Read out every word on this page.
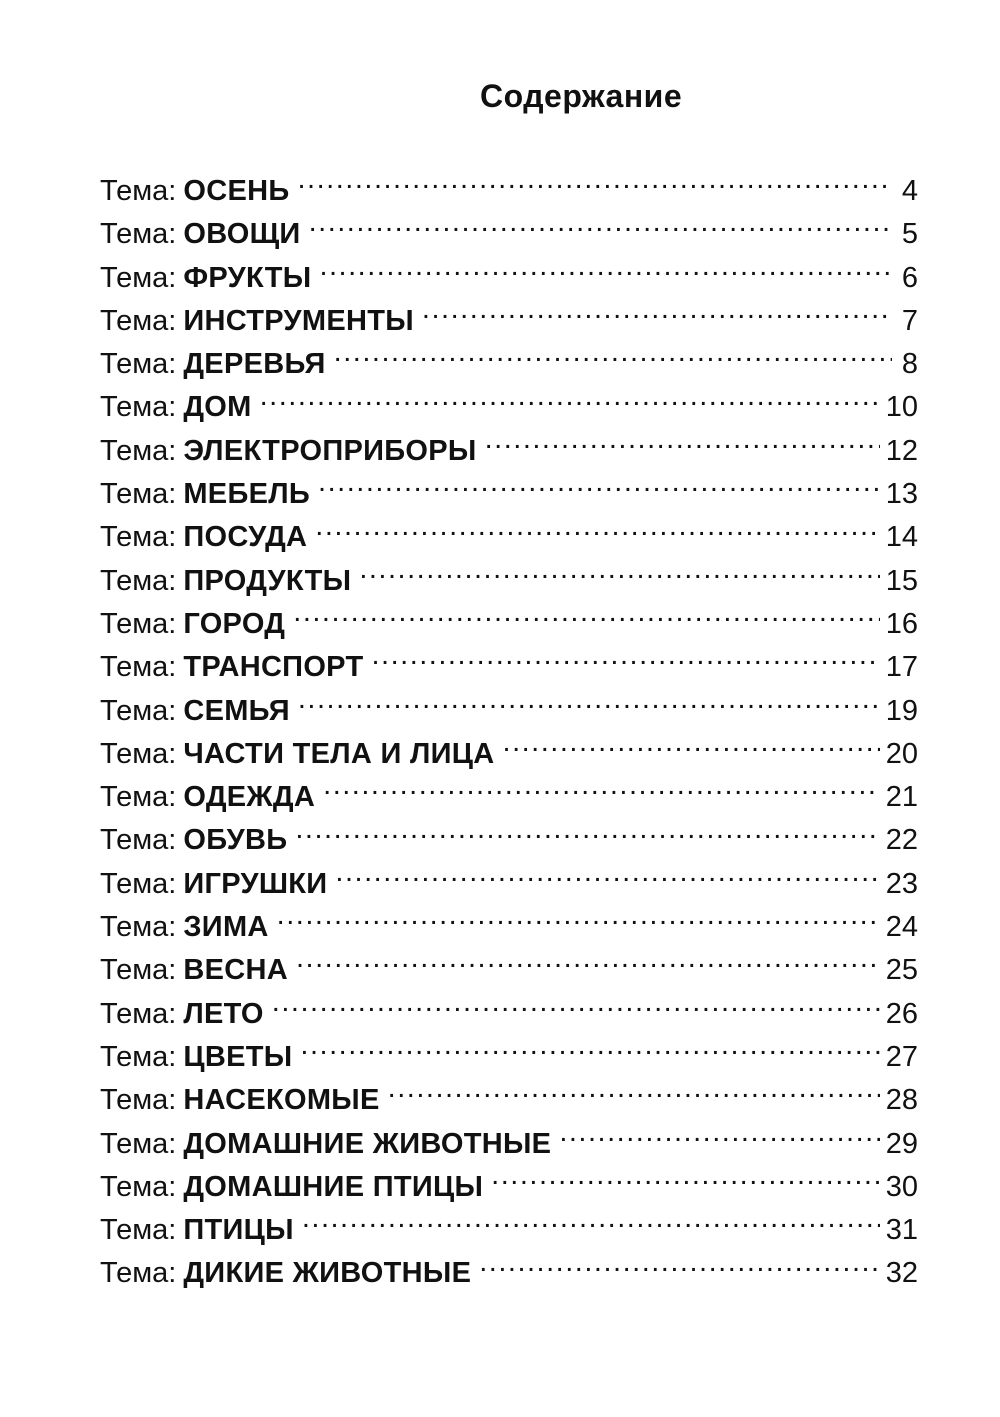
Содержание
Тема: ОСЕНЬ .....	4
Тема: ОВОЩИ .....	5
Тема: ФРУКТЫ .....	6
Тема: ИНСТРУМЕНТЫ .....	7
Тема: ДЕРЕВЬЯ .....	8
Тема: ДОМ .....	10
Тема: ЭЛЕКТРОПРИБОРЫ .....	12
Тема: МЕБЕЛЬ .....	13
Тема: ПОСУДА .....	14
Тема: ПРОДУКТЫ .....	15
Тема: ГОРОД .....	16
Тема: ТРАНСПОРТ .....	17
Тема: СЕМЬЯ .....	19
Тема: ЧАСТИ ТЕЛА И ЛИЦА .....	20
Тема: ОДЕЖДА .....	21
Тема: ОБУВЬ .....	22
Тема: ИГРУШКИ .....	23
Тема: ЗИМА .....	24
Тема: ВЕСНА .....	25
Тема: ЛЕТО .....	26
Тема: ЦВЕТЫ .....	27
Тема: НАСЕКОМЫЕ .....	28
Тема: ДОМАШНИЕ ЖИВОТНЫЕ .....	29
Тема: ДОМАШНИЕ ПТИЦЫ .....	30
Тема: ПТИЦЫ .....	31
Тема: ДИКИЕ ЖИВОТНЫЕ .....	32
